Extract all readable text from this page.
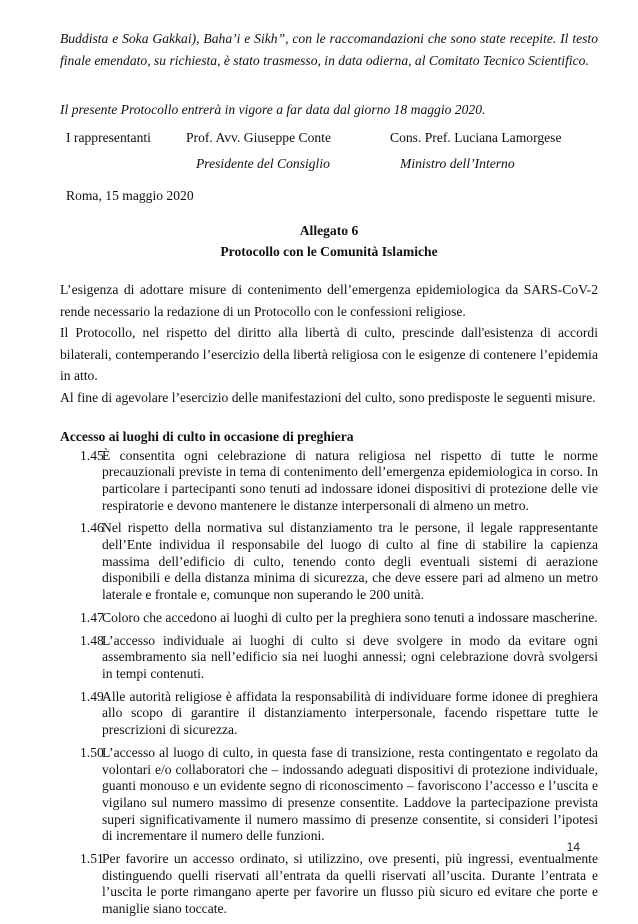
Buddista e Soka Gakkai), Baha’i e Sikh”, con le raccomandazioni che sono state recepite. Il testo finale emendato, su richiesta, è stato trasmesso, in data odierna, al Comitato Tecnico Scientifico.

Il presente Protocollo entrerà in vigore a far data dal giorno 18 maggio 2020.

I rappresentanti	Prof. Avv. Giuseppe Conte	Cons. Pref. Luciana Lamorgese
Presidente del Consiglio	Ministro dell’Interno
Roma, 15 maggio 2020
Allegato 6
Protocollo con le Comunità Islamiche

L’esigenza di adottare misure di contenimento dell’emergenza epidemiologica da SARS-CoV-2 rende necessario la redazione di un Protocollo con le confessioni religiose.

Il Protocollo, nel rispetto del diritto alla libertà di culto, prescinde dall'esistenza di accordi bilaterali, contemperando l’esercizio della libertà religiosa con le esigenze di contenere l’epidemia in atto.

Al fine di agevolare l’esercizio delle manifestazioni del culto, sono predisposte le seguenti misure.

Accesso ai luoghi di culto in occasione di preghiera
1.45
È consentita ogni celebrazione di natura religiosa nel rispetto di tutte le norme precauzionali previste in tema di contenimento dell’emergenza epidemiologica in corso. In particolare i partecipanti sono tenuti ad indossare idonei dispositivi di protezione delle vie respiratorie e devono mantenere le distanze interpersonali di almeno un metro.
1.46
Nel rispetto della normativa sul distanziamento tra le persone, il legale rappresentante dell’Ente individua il responsabile del luogo di culto al fine di stabilire la capienza massima dell’edificio di culto, tenendo conto degli eventuali sistemi di aerazione disponibili e della distanza minima di sicurezza, che deve essere pari ad almeno un metro laterale e frontale e, comunque non superando le 200 unità.
1.47
Coloro che accedono ai luoghi di culto per la preghiera sono tenuti a indossare mascherine.
1.48
L’accesso individuale ai luoghi di culto si deve svolgere in modo da evitare ogni assembramento sia nell’edificio sia nei luoghi annessi; ogni celebrazione dovrà svolgersi in tempi contenuti.
1.49
Alle autorità religiose è affidata la responsabilità di individuare forme idonee di preghiera allo scopo di garantire il distanziamento interpersonale, facendo rispettare tutte le prescrizioni di sicurezza.
1.50
L’accesso al luogo di culto, in questa fase di transizione, resta contingentato e regolato da volontari e/o collaboratori che – indossando adeguati dispositivi di protezione individuale, guanti monouso e un evidente segno di riconoscimento – favoriscono l’accesso e l’uscita e vigilano sul numero massimo di presenze consentite. Laddove la partecipazione prevista superi significativamente il numero massimo di presenze consentite, si consideri l’ipotesi di incrementare il numero delle funzioni.
1.51
Per favorire un accesso ordinato, si utilizzino, ove presenti, più ingressi, eventualmente distinguendo quelli riservati all’entrata da quelli riservati all’uscita. Durante l’entrata e l’uscita le porte rimangano aperte per favorire un flusso più sicuro ed evitare che porte e maniglie siano toccate.
14
